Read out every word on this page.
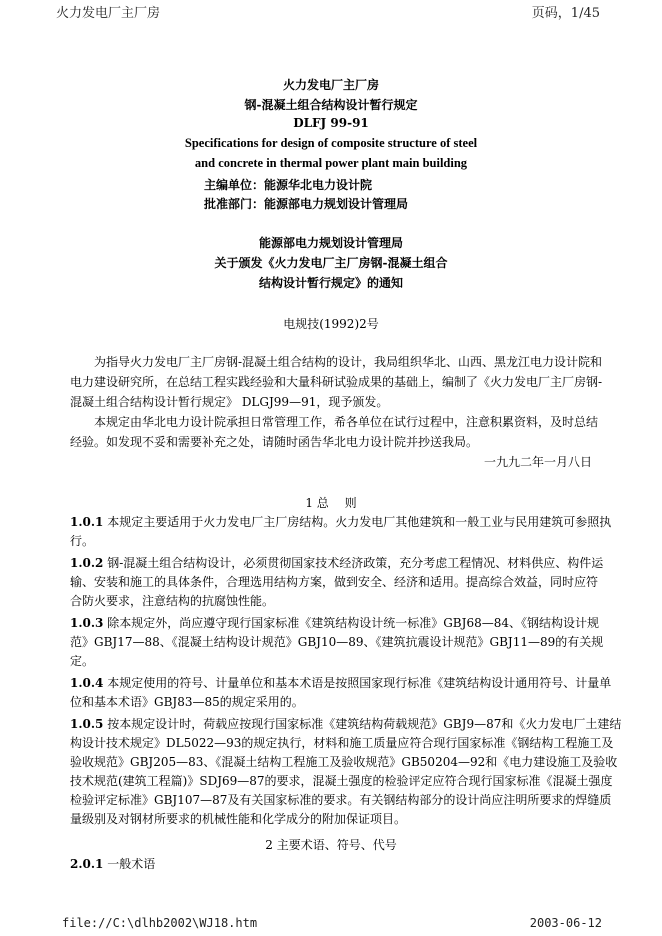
火力发电厂主厂房	页码，1/45
火力发电厂主厂房
钢-混凝土组合结构设计暂行规定
DLFJ 99-91
Specifications for design of composite structure of steel
and concrete in thermal power plant main building
主编单位：能源华北电力设计院
批准部门：能源部电力规划设计管理局
能源部电力规划设计管理局
关于颁发《火力发电厂主厂房钢-混凝土组合
结构设计暂行规定》的通知
电规技(1992)2号
为指导火力发电厂主厂房钢-混凝土组合结构的设计，我局组织华北、山西、黑龙江电力设计院和
电力建设研究所，在总结工程实践经验和大量科研试验成果的基础上，编制了《火力发电厂主厂房钢-
混凝土组合结构设计暂行规定》 DLGJ99—91，现予颁发。
本规定由华北电力设计院承担日常管理工作，希各单位在试行过程中，注意积累资料，及时总结
经验。如发现不妥和需要补充之处，请随时函告华北电力设计院并抄送我局。
一九九二年一月八日
1 总　 则
1.0.1 本规定主要适用于火力发电厂主厂房结构。火力发电厂其他建筑和一般工业与民用建筑可参照执
行。
1.0.2 钢-混凝土组合结构设计，必须贯彻国家技术经济政策，充分考虑工程情况、材料供应、构件运
输、安装和施工的具体条件，合理选用结构方案，做到安全、经济和适用。提高综合效益，同时应符
合防火要求，注意结构的抗腐蚀性能。
1.0.3 除本规定外，尚应遵守现行国家标准《建筑结构设计统一标准》GBJ68—84、《钢结构设计规
范》GBJ17—88、《混凝土结构设计规范》GBJ10—89、《建筑抗震设计规范》GBJ11—89的有关规
定。
1.0.4 本规定使用的符号、计量单位和基本术语是按照国家现行标准《建筑结构设计通用符号、计量单
位和基本术语》GBJ83—85的规定采用的。
1.0.5 按本规定设计时，荷载应按现行国家标准《建筑结构荷载规范》GBJ9—87和《火力发电厂土建结
构设计技术规定》DL5022—93的规定执行，材料和施工质量应符合现行国家标准《钢结构工程施工及
验收规范》GBJ205—83、《混凝土结构工程施工及验收规范》GB50204—92和《电力建设施工及验收
技术规范(建筑工程篇)》SDJ69—87的要求，混凝土强度的检验评定应符合现行国家标准《混凝土强度
检验评定标准》GBJ107—87及有关国家标准的要求。有关钢结构部分的设计尚应注明所要求的焊缝质
量级别及对钢材所要求的机械性能和化学成分的附加保证项目。
2 主要术语、符号、代号
2.0.1 一般术语
file://C:\dlhb2002\WJ18.htm	2003-06-12
